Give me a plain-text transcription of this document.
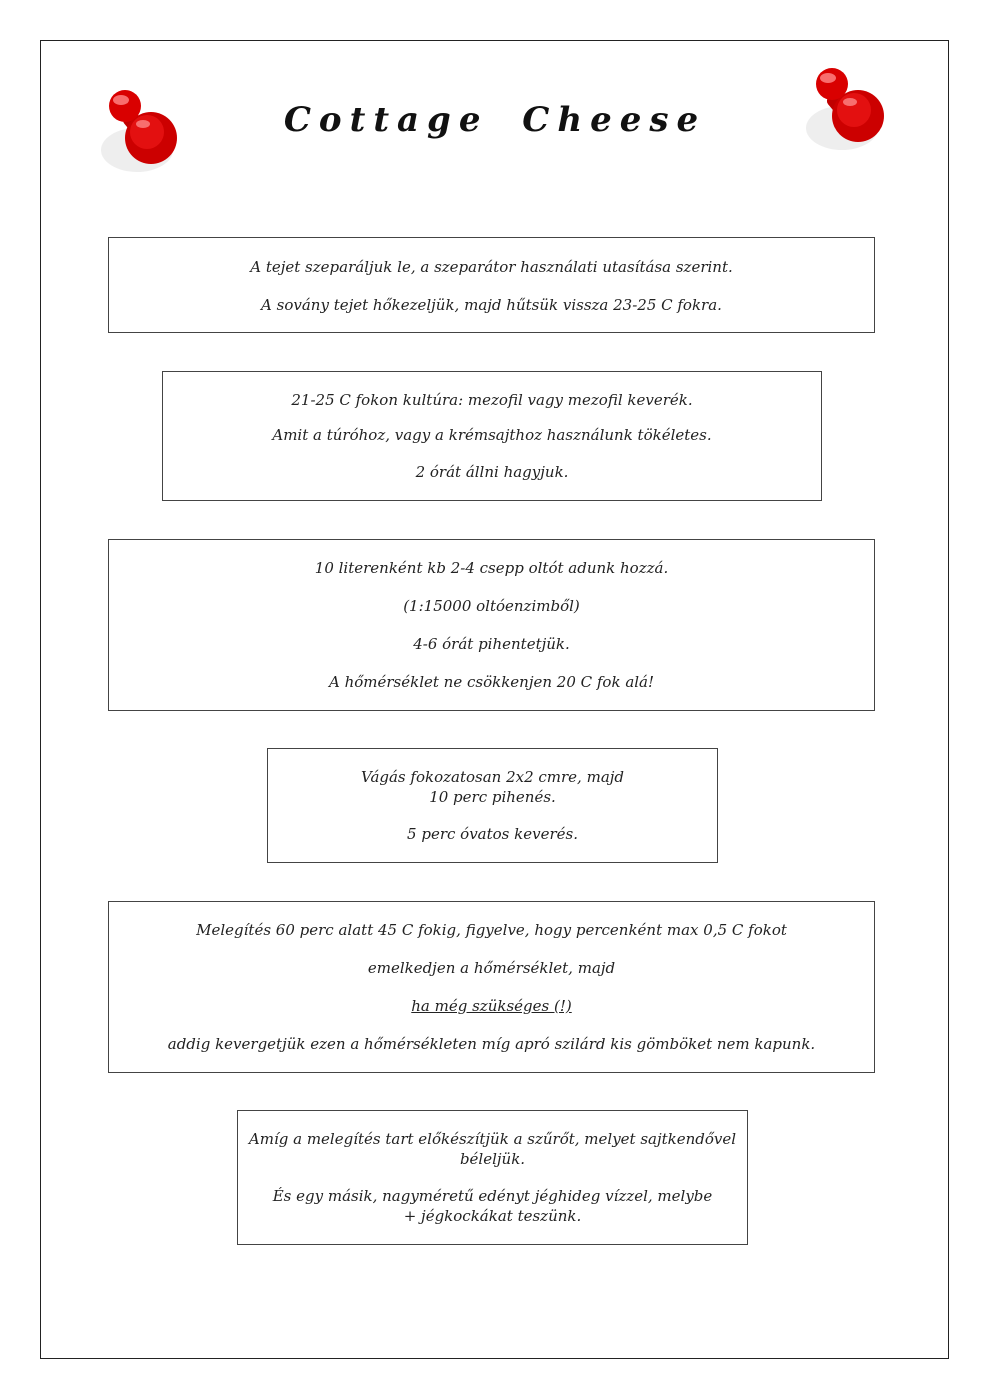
Cottage Cheese

A tejet szeparáljuk le, a szeparátor használati utasítása szerint.

A sovány tejet hőkezeljük, majd hűtsük vissza 23-25 C fokra.

21-25 C fokon kultúra: mezofil vagy mezofil keverék.

Amit a túróhoz, vagy a krémsajthoz használunk tökéletes.

2 órát állni hagyjuk.

10 literenként kb 2-4 csepp oltót adunk hozzá.

(1:15000 oltóenzimből)

4-6 órát pihentetjük.

A hőmérséklet ne csökkenjen 20 C fok alá!

Vágás fokozatosan 2x2 cmre, majd

10 perc pihenés.

5 perc óvatos keverés.

Melegítés 60 perc alatt 45 C fokig, figyelve, hogy percenként max 0,5 C fokot

emelkedjen a hőmérséklet, majd

ha még szükséges (!)

addig kevergetjük ezen a hőmérsékleten míg apró szilárd kis gömböket nem kapunk.

Amíg a melegítés tart előkészítjük a szűrőt, melyet sajtkendővel

béleljük.

És egy másik, nagyméretű edényt jéghideg vízzel, melybe

+ jégkockákat teszünk.
